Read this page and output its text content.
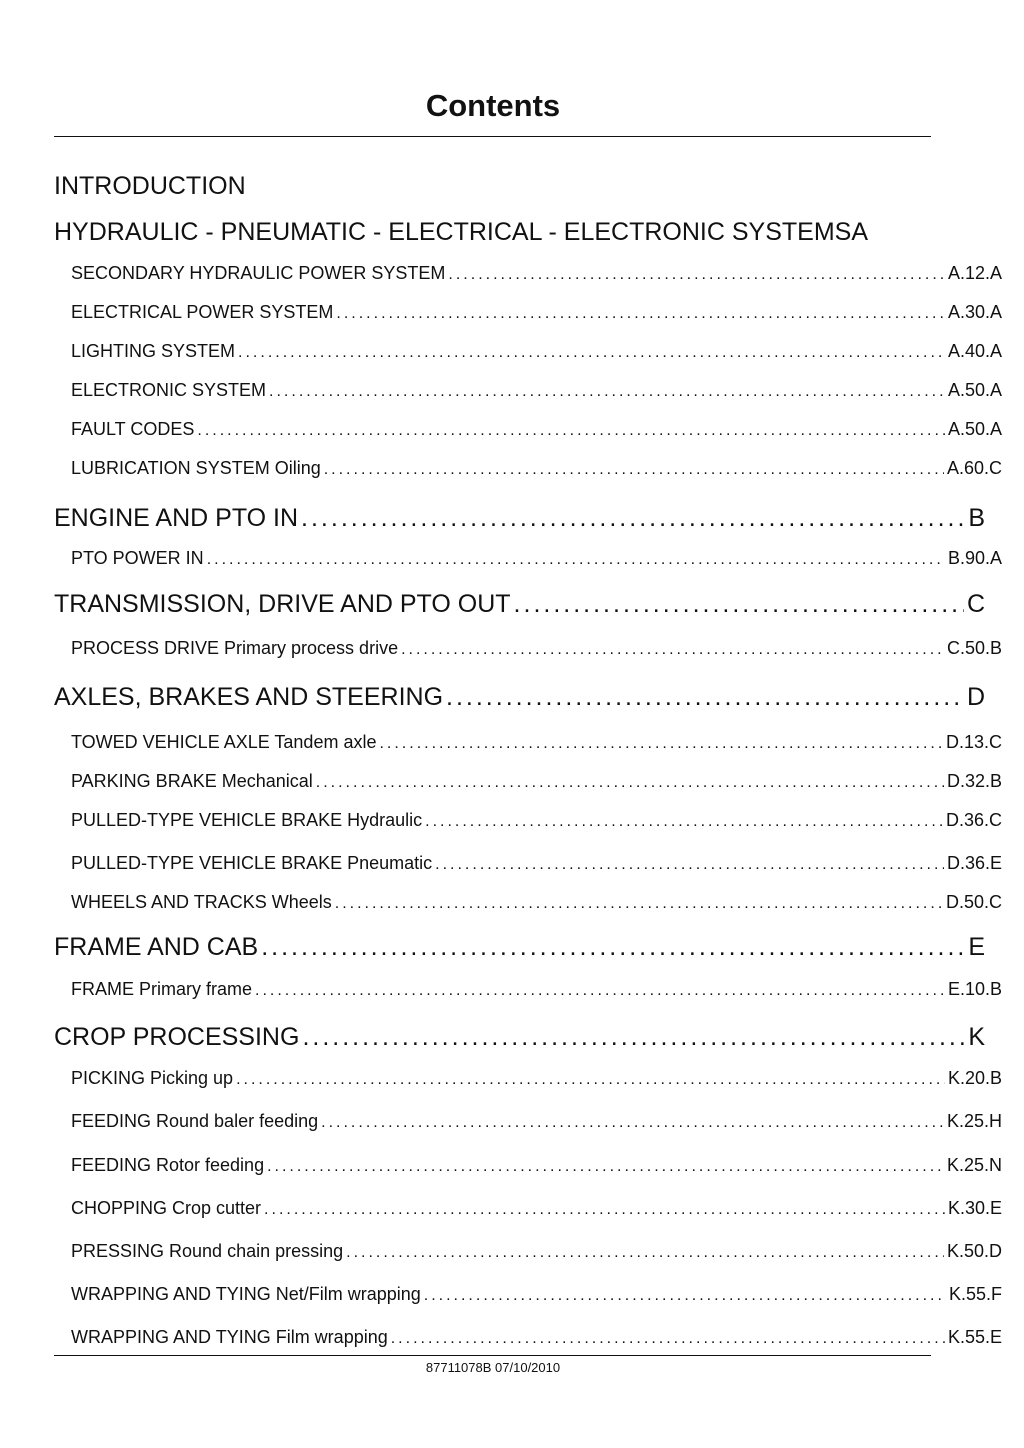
Contents
INTRODUCTION
HYDRAULIC - PNEUMATIC - ELECTRICAL - ELECTRONIC SYSTEMS A
SECONDARY HYDRAULIC POWER SYSTEM .....	A.12.A
ELECTRICAL POWER SYSTEM .....	A.30.A
LIGHTING SYSTEM .....	A.40.A
ELECTRONIC SYSTEM .....	A.50.A
FAULT CODES .....	A.50.A
LUBRICATION SYSTEM Oiling .....	A.60.C
ENGINE AND PTO IN .....	B
PTO POWER IN .....	B.90.A
TRANSMISSION, DRIVE AND PTO OUT .....	C
PROCESS DRIVE Primary process drive .....	C.50.B
AXLES, BRAKES AND STEERING .....	D
TOWED VEHICLE AXLE Tandem axle .....	D.13.C
PARKING BRAKE Mechanical .....	D.32.B
PULLED-TYPE VEHICLE BRAKE Hydraulic .....	D.36.C
PULLED-TYPE VEHICLE BRAKE Pneumatic .....	D.36.E
WHEELS AND TRACKS Wheels .....	D.50.C
FRAME AND CAB .....	E
FRAME Primary frame .....	E.10.B
CROP PROCESSING .....	K
PICKING Picking up .....	K.20.B
FEEDING Round baler feeding .....	K.25.H
FEEDING Rotor feeding .....	K.25.N
CHOPPING Crop cutter .....	K.30.E
PRESSING Round chain pressing .....	K.50.D
WRAPPING AND TYING Net/Film wrapping .....	K.55.F
WRAPPING AND TYING Film wrapping .....	K.55.E
87711078B 07/10/2010
